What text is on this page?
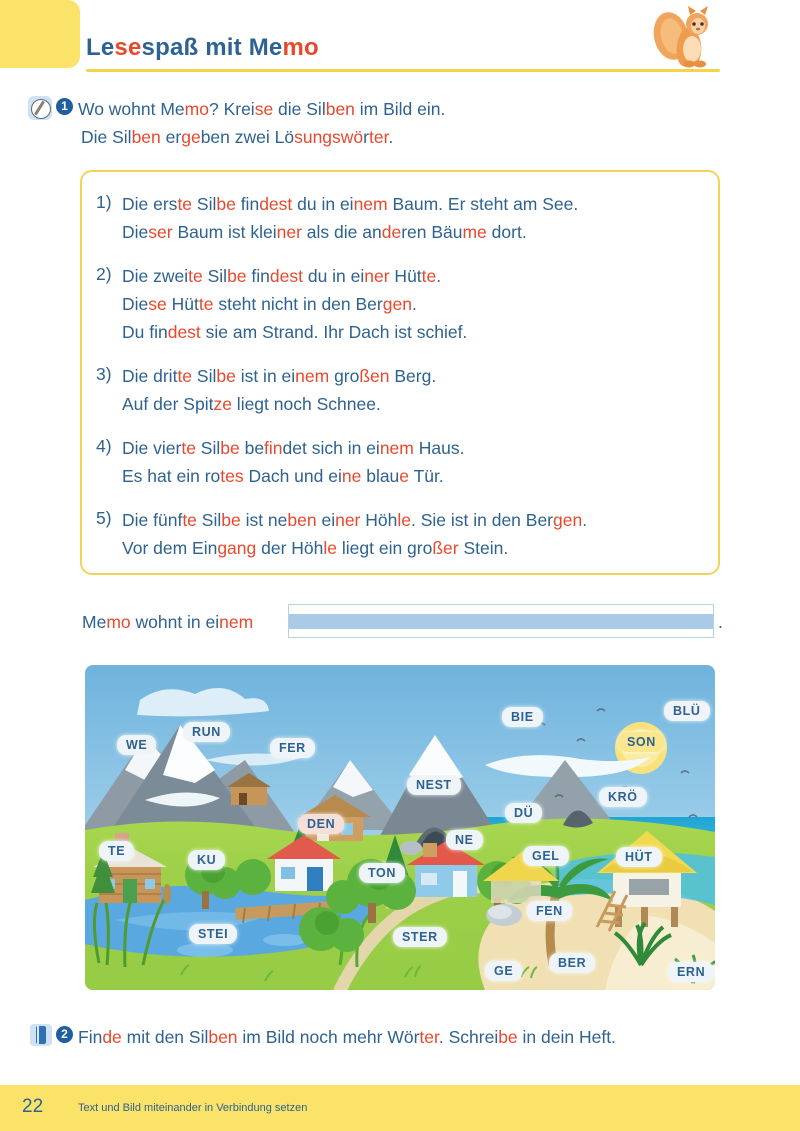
Lesespaß mit Memo
1 Wo wohnt Memo? Kreise die Silben im Bild ein.
Die Silben ergeben zwei Lösungswörter.
1) Die erste Silbe findest du in einem Baum. Er steht am See.
Dieser Baum ist kleiner als die anderen Bäume dort.
2) Die zweite Silbe findest du in einer Hütte.
Diese Hütte steht nicht in den Bergen.
Du findest sie am Strand. Ihr Dach ist schief.
3) Die dritte Silbe ist in einem großen Berg.
Auf der Spitze liegt noch Schnee.
4) Die vierte Silbe befindet sich in einem Haus.
Es hat ein rotes Dach und eine blaue Tür.
5) Die fünfte Silbe ist neben einer Höhle. Sie ist in den Bergen.
Vor dem Eingang der Höhle liegt ein großer Stein.
Memo wohnt in einem	.
WE
RUN
FER
BIE	BLÜ
SON
NEST
KRÖ
DÜ
DEN
TE
KU
NE
TON
GEL	HÜT
FEN
STEI	STER
GE
BER
ERN
2 Finde mit den Silben im Bild noch mehr Wörter. Schreibe in dein Heft.
22	Text und Bild miteinander in Verbindung setzen
